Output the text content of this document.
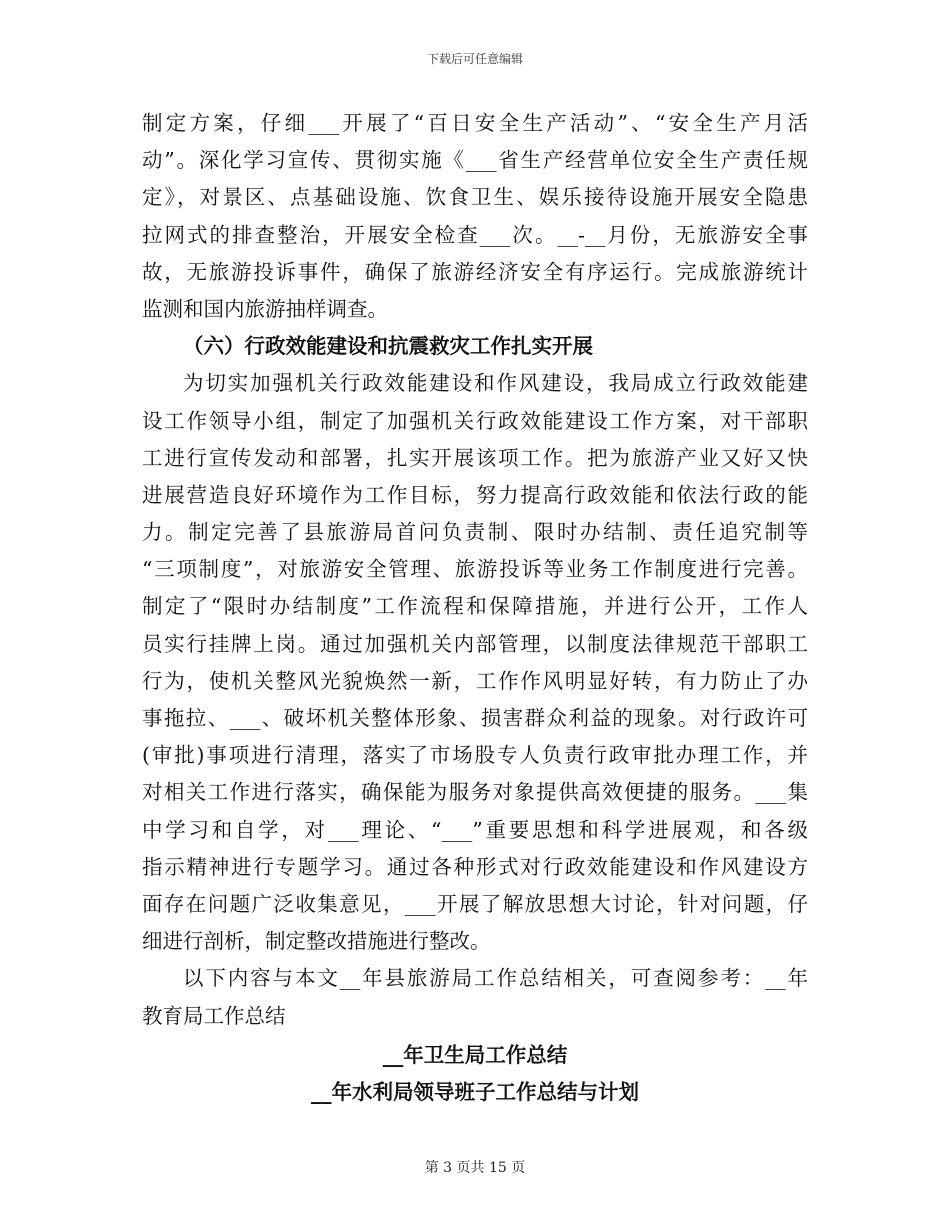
下载后可任意编辑
制定方案，仔细___开展了“百日安全生产活动”、“安全生产月活
动”。深化学习宣传、贯彻实施《___省生产经营单位安全生产责任规
定》，对景区、点基础设施、饮食卫生、娱乐接待设施开展安全隐患
拉网式的排查整治，开展安全检查___次。__-__月份，无旅游安全事
故，无旅游投诉事件，确保了旅游经济安全有序运行。完成旅游统计
监测和国内旅游抽样调查。
（六）行政效能建设和抗震救灾工作扎实开展
为切实加强机关行政效能建设和作风建设，我局成立行政效能建
设工作领导小组，制定了加强机关行政效能建设工作方案，对干部职
工进行宣传发动和部署，扎实开展该项工作。把为旅游产业又好又快
进展营造良好环境作为工作目标，努力提高行政效能和依法行政的能
力。制定完善了县旅游局首问负责制、限时办结制、责任追究制等
“三项制度”，对旅游安全管理、旅游投诉等业务工作制度进行完善。
制定了“限时办结制度”工作流程和保障措施，并进行公开，工作人
员实行挂牌上岗。通过加强机关内部管理，以制度法律规范干部职工
行为，使机关整风光貌焕然一新，工作作风明显好转，有力防止了办
事拖拉、___、破坏机关整体形象、损害群众利益的现象。对行政许可
(审批)事项进行清理，落实了市场股专人负责行政审批办理工作，并
对相关工作进行落实，确保能为服务对象提供高效便捷的服务。___集
中学习和自学，对___理论、“___”重要思想和科学进展观，和各级
指示精神进行专题学习。通过各种形式对行政效能建设和作风建设方
面存在问题广泛收集意见，___开展了解放思想大讨论，针对问题，仔
细进行剖析，制定整改措施进行整改。
以下内容与本文__年县旅游局工作总结相关，可查阅参考：__年
教育局工作总结
__年卫生局工作总结
__年水利局领导班子工作总结与计划
第 3 页共 15 页
